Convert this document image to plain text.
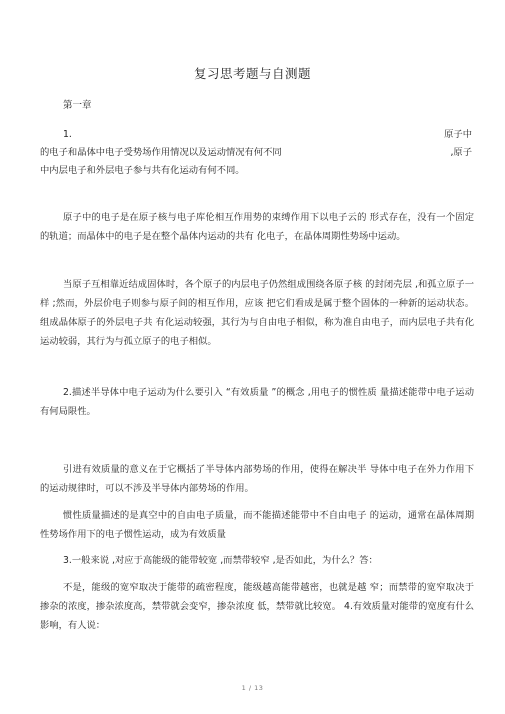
复习思考题与自测题
第一章
1.	原子中
的电子和晶体中电子受势场作用情况以及运动情况有何不同	,原子
中内层电子和外层电子参与共有化运动有何不同。
原子中的电子是在原子核与电子库伦相互作用势的束缚作用下以电子云的 形式存在，没有一个固定的轨道；而晶体中的电子是在整个晶体内运动的共有 化电子，在晶体周期性势场中运动。
当原子互相靠近结成固体时，各个原子的内层电子仍然组成围绕各原子核 的封闭壳层 ,和孤立原子一样 ;然而，外层价电子则参与原子间的相互作用，应该 把它们看成是属于整个固体的一种新的运动状态。组成晶体原子的外层电子共 有化运动较强，其行为与自由电子相似，称为准自由电子，而内层电子共有化 运动较弱，其行为与孤立原子的电子相似。
2.描述半导体中电子运动为什么要引入 “有效质量 ”的概念 ,用电子的惯性质 量描述能带中电子运动有何局限性。
引进有效质量的意义在于它概括了半导体内部势场的作用，使得在解决半 导体中电子在外力作用下的运动规律时，可以不涉及半导体内部势场的作用。
惯性质量描述的是真空中的自由电子质量，而不能描述能带中不自由电子 的运动，通常在晶体周期性势场作用下的电子惯性运动，成为有效质量
3.一般来说 ,对应于高能级的能带较宽 ,而禁带较窄 ,是否如此，为什么？答：
不是，能级的宽窄取决于能带的疏密程度，能级越高能带越密，也就是越 窄；而禁带的宽窄取决于掺杂的浓度，掺杂浓度高，禁带就会变窄，掺杂浓度 低，禁带就比较宽。 4.有效质量对能带的宽度有什么影响，有人说：
1 / 13
